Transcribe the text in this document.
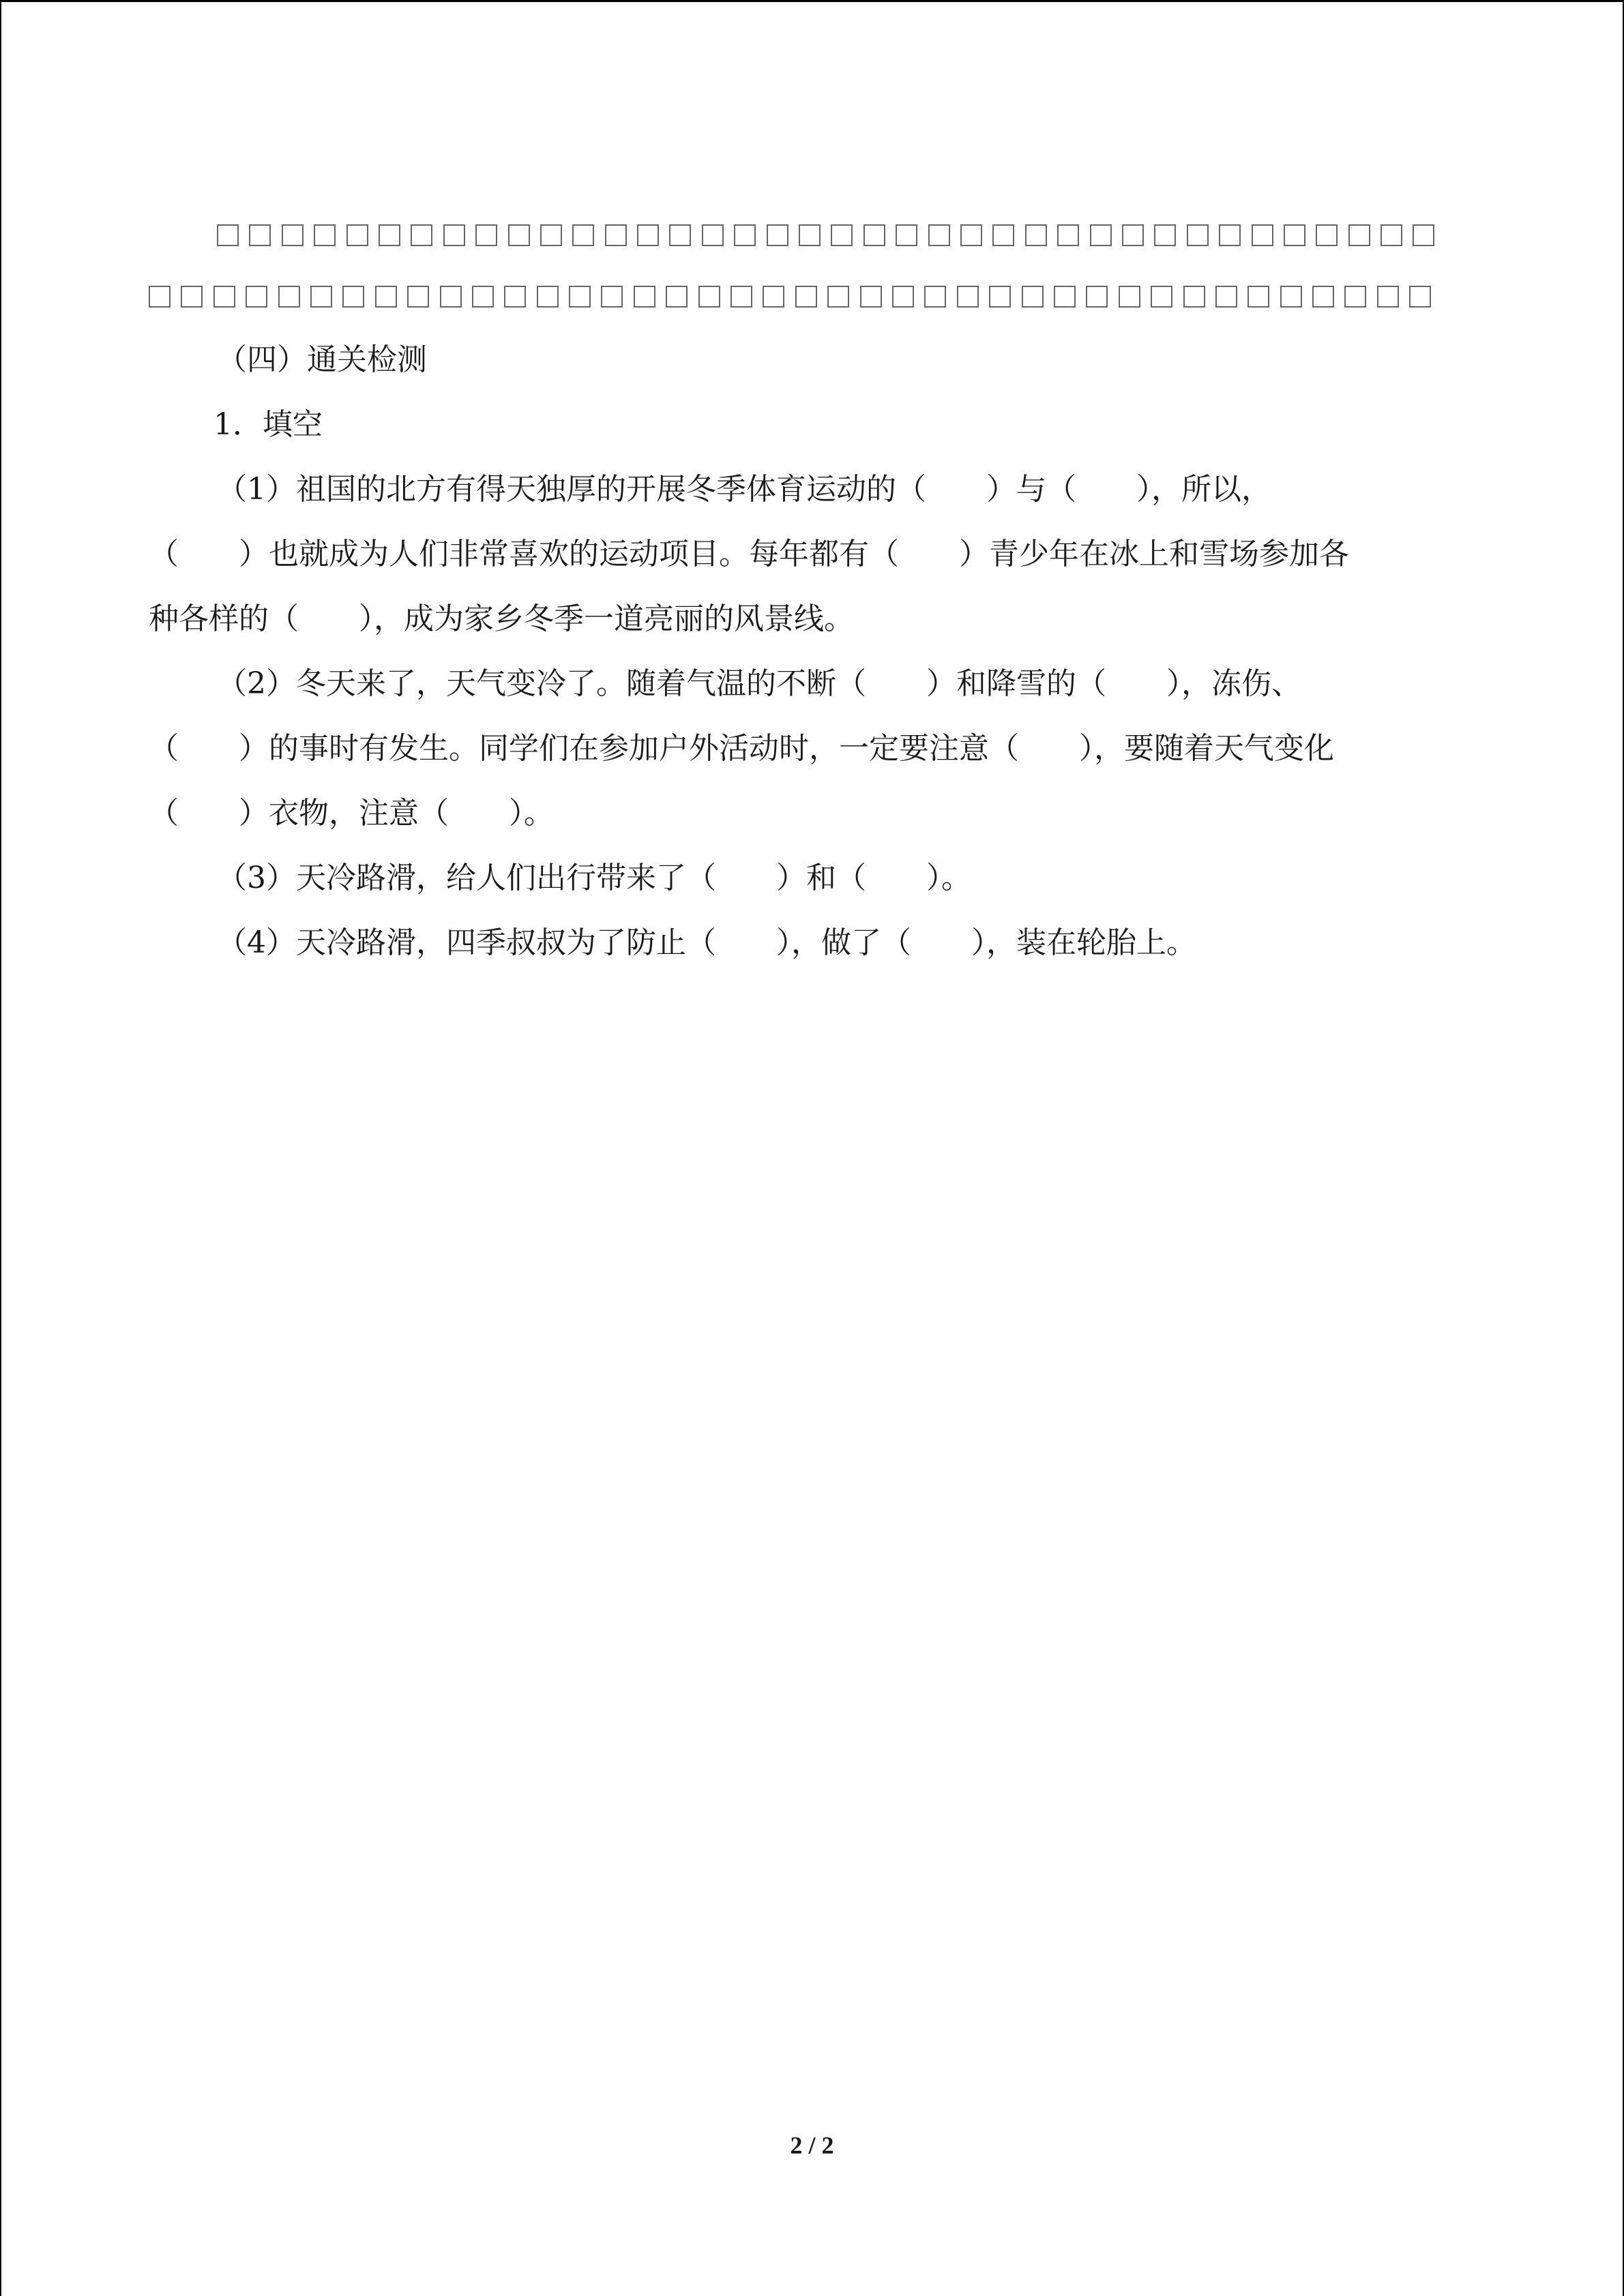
（四）通关检测
1．填空
（1）祖国的北方有得天独厚的开展冬季体育运动的（　　）与（　　），所以，
（　　）也就成为人们非常喜欢的运动项目。每年都有（　　）青少年在冰上和雪场参加各
种各样的（　　），成为家乡冬季一道亮丽的风景线。
（2）冬天来了，天气变冷了。随着气温的不断（　　）和降雪的（　　），冻伤、
（　　）的事时有发生。同学们在参加户外活动时，一定要注意（　　），要随着天气变化
（　　）衣物，注意（　　）。
（3）天冷路滑，给人们出行带来了（　　）和（　　）。
（4）天冷路滑，四季叔叔为了防止（　　），做了（　　），装在轮胎上。
2 / 2
